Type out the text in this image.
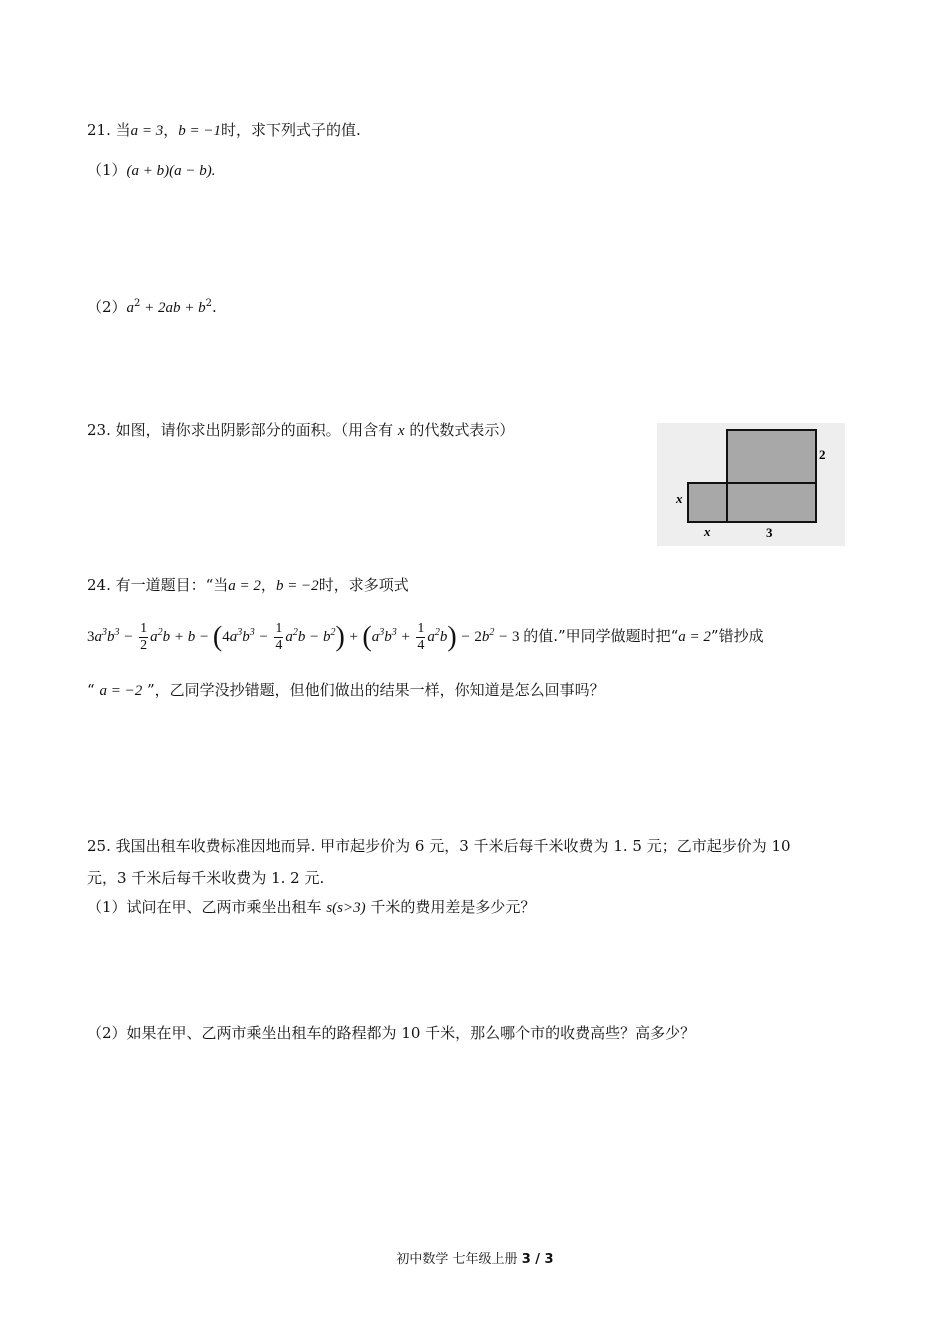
21. 当a = 3，b = −1时，求下列式子的值.
（1）(a + b)(a − b).
$(2)a^2 + 2ab + b^2$.
23. 如图，请你求出阴影部分的面积。（用含有 x 的代数式表示）
2
x
x	3
24. 有一道题目：“当a = 2，b = −2时，求多项式
$3a^3b^3 - \frac{1}{2} a^2b + b - (4a^3b^3 - \frac{1}{4} a^2b - b^2) + (a^3b^3 + \frac{1}{4} a^2b) - 2b^2 - 3$ 的值.”甲同学做题时把“a = 2”错抄成
“ a = −2 ”，乙同学没抄错题，但他们做出的结果一样，你知道是怎么回事吗？
25. 我国出租车收费标准因地而异. 甲市起步价为 6 元，3 千米后每千米收费为 1. 5 元；乙市起步价为 10
元，3 千米后每千米收费为 1. 2 元.
（1）试问在甲、乙两市乘坐出租车 s(s>3) 千米的费用差是多少元？
（2）如果在甲、乙两市乘坐出租车的路程都为 10 千米，那么哪个市的收费高些？高多少？
初中数学 七年级上册 3 / 3
